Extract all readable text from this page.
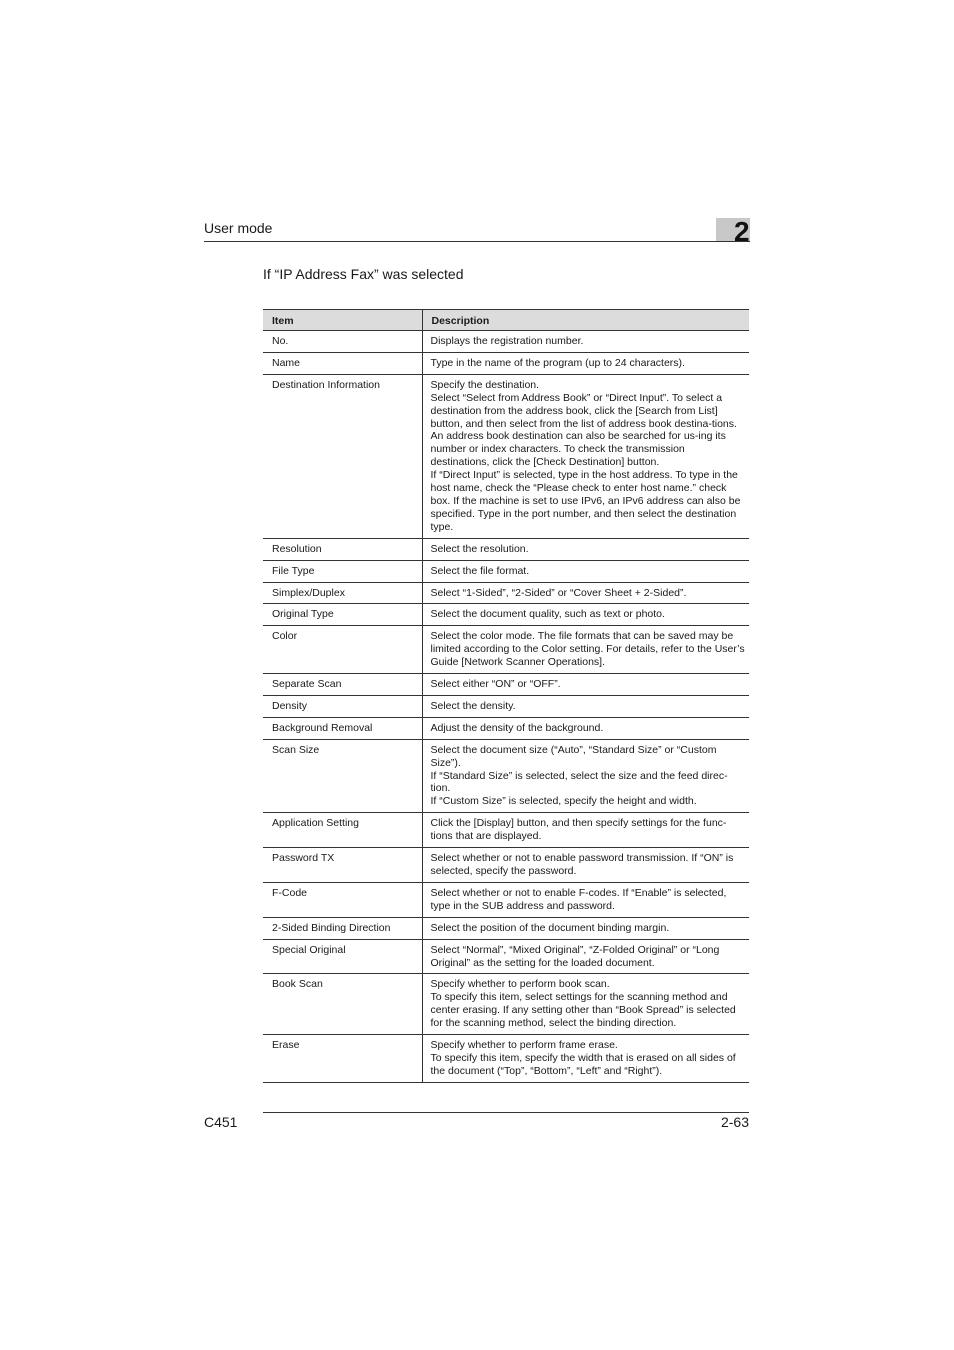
User mode	2
If “IP Address Fax” was selected
Item	Description
No.	Displays the registration number.

Name	Type in the name of the program (up to 24 characters).

Destination Information	Specify the destination.
Select “Select from Address Book” or “Direct Input”. To select a destination from the address book, click the [Search from List] button, and then select from the list of address book destina-tions. An address book destination can also be searched for us-ing its number or index characters. To check the transmission destinations, click the [Check Destination] button.
If “Direct Input” is selected, type in the host address. To type in the host name, check the “Please check to enter host name.” check box. If the machine is set to use IPv6, an IPv6 address can also be specified. Type in the port number, and then select the destination type.

Resolution	Select the resolution.

File Type	Select the file format.

Simplex/Duplex	Select “1-Sided”, “2-Sided” or “Cover Sheet + 2-Sided”.

Original Type	Select the document quality, such as text or photo.

Color	Select the color mode. The file formats that can be saved may be limited according to the Color setting. For details, refer to the User’s Guide [Network Scanner Operations].

Separate Scan	Select either “ON” or “OFF”.

Density	Select the density.

Background Removal	Adjust the density of the background.

Scan Size	Select the document size (“Auto”, “Standard Size” or “Custom Size”).
If “Standard Size” is selected, select the size and the feed direc-tion.
If “Custom Size” is selected, specify the height and width.

Application Setting	Click the [Display] button, and then specify settings for the func-tions that are displayed.

Password TX	Select whether or not to enable password transmission. If “ON” is selected, specify the password.

F-Code	Select whether or not to enable F-codes. If “Enable” is selected, type in the SUB address and password.

2-Sided Binding Direction	Select the position of the document binding margin.

Special Original	Select “Normal”, “Mixed Original”, “Z-Folded Original” or “Long Original” as the setting for the loaded document.

Book Scan	Specify whether to perform book scan.
To specify this item, select settings for the scanning method and center erasing. If any setting other than “Book Spread” is selected for the scanning method, select the binding direction.

Erase	Specify whether to perform frame erase.
To specify this item, specify the width that is erased on all sides of the document (“Top”, “Bottom”, “Left” and “Right”).
C451	2-63
